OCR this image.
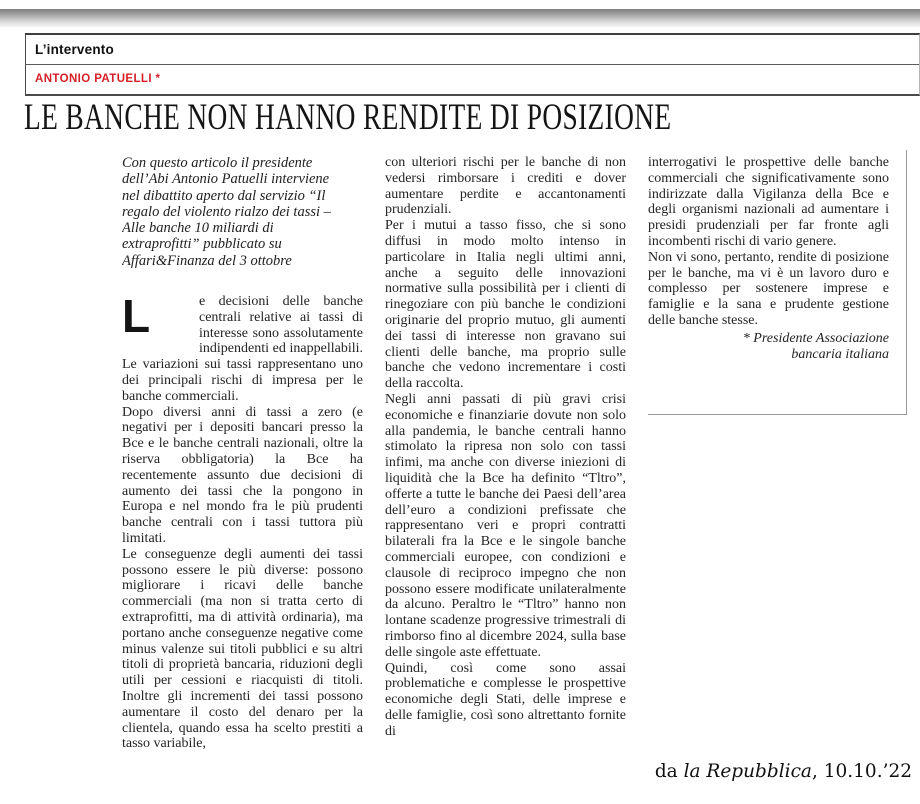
L’intervento
ANTONIO PATUELLI *
LE BANCHE NON HANNO RENDITE DI POSIZIONE
Con questo articolo il presidente dell’Abi Antonio Patuelli interviene nel dibattito aperto dal servizio “Il regalo del violento rialzo dei tassi – Alle banche 10 miliardi di extraprofitti” pubblicato su Affari&Finanza del 3 ottobre

L	e decisioni delle banche centrali relative ai tassi di interesse sono assolutamente indipendenti ed inappellabili. Le variazioni sui tassi rappresentano uno dei principali rischi di impresa per le banche commerciali.

Dopo diversi anni di tassi a zero (e negativi per i depositi bancari presso la Bce e le banche centrali nazionali, oltre la riserva obbligatoria) la Bce ha recentemente assunto due decisioni di aumento dei tassi che la pongono in Europa e nel mondo fra le più prudenti banche centrali con i tassi tuttora più limitati.

Le conseguenze degli aumenti dei tassi possono essere le più diverse: possono migliorare i ricavi delle banche commerciali (ma non si tratta certo di extraprofitti, ma di attività ordinaria), ma portano anche conseguenze negative come minus valenze sui titoli pubblici e su altri titoli di proprietà bancaria, riduzioni degli utili per cessioni e riacquisti di titoli. Inoltre gli incrementi dei tassi possono aumentare il costo del denaro per la clientela, quando essa ha scelto prestiti a tasso variabile,

con ulteriori rischi per le banche di non vedersi rimborsare i crediti e dover aumentare perdite e accantonamenti prudenziali.

Per i mutui a tasso fisso, che si sono diffusi in modo molto intenso in particolare in Italia negli ultimi anni, anche a seguito delle innovazioni normative sulla possibilità per i clienti di rinegoziare con più banche le condizioni originarie del proprio mutuo, gli aumenti dei tassi di interesse non gravano sui clienti delle banche, ma proprio sulle banche che vedono incrementare i costi della raccolta.

Negli anni passati di più gravi crisi economiche e finanziarie dovute non solo alla pandemia, le banche centrali hanno stimolato la ripresa non solo con tassi infimi, ma anche con diverse iniezioni di liquidità che la Bce ha definito “Tltro”, offerte a tutte le banche dei Paesi dell’area dell’euro a condizioni prefissate che rappresentano veri e propri contratti bilaterali fra la Bce e le singole banche commerciali europee, con condizioni e clausole di reciproco impegno che non possono essere modificate unilateralmente da alcuno. Peraltro le “Tltro” hanno non lontane scadenze progressive trimestrali di rimborso fino al dicembre 2024, sulla base delle singole aste effettuate.

Quindi, così come sono assai problematiche e complesse le prospettive economiche degli Stati, delle imprese e delle famiglie, così sono altrettanto fornite di

interrogativi le prospettive delle banche commerciali che significativamente sono indirizzate dalla Vigilanza della Bce e degli organismi nazionali ad aumentare i presidi prudenziali per far fronte agli incombenti rischi di vario genere.

Non vi sono, pertanto, rendite di posizione per le banche, ma vi è un lavoro duro e complesso per sostenere imprese e famiglie e la sana e prudente gestione delle banche stesse.

* Presidente Associazione
bancaria italiana
da la Repubblica, 10.10.’22
